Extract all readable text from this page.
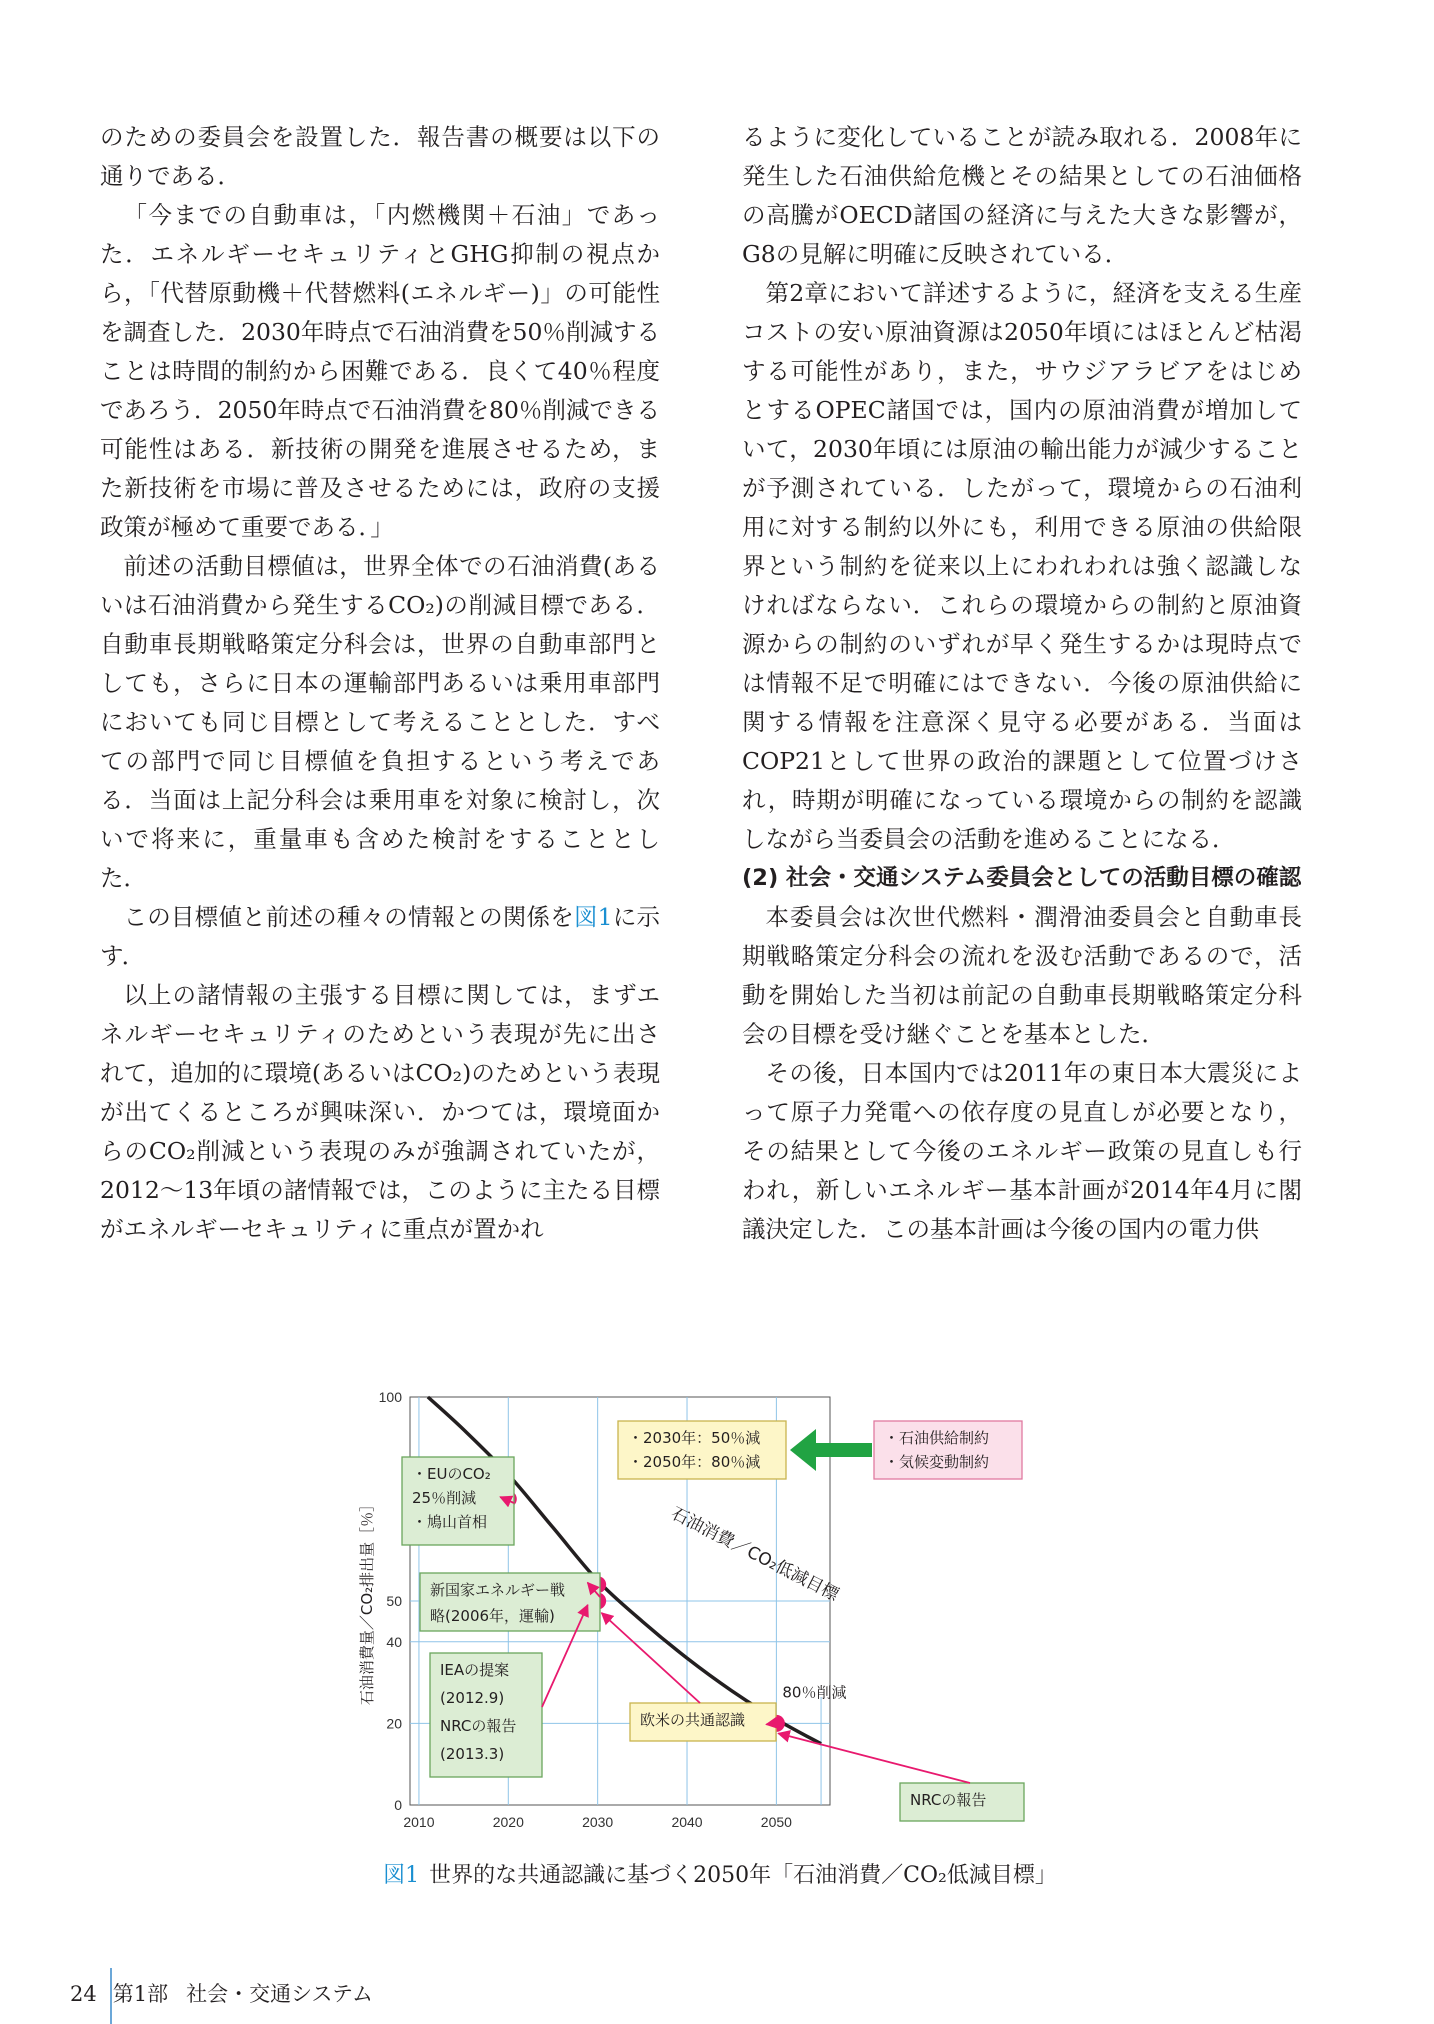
のための委員会を設置した．報告書の概要は以下の通りである．

「今までの自動車は，「内燃機関＋石油」であった．エネルギーセキュリティとGHG抑制の視点から，「代替原動機＋代替燃料(エネルギー)」の可能性を調査した．2030年時点で石油消費を50％削減することは時間的制約から困難である．良くて40％程度であろう．2050年時点で石油消費を80％削減できる可能性はある．新技術の開発を進展させるため，また新技術を市場に普及させるためには，政府の支援政策が極めて重要である．」

前述の活動目標値は，世界全体での石油消費(あるいは石油消費から発生するCO₂)の削減目標である．自動車長期戦略策定分科会は，世界の自動車部門としても，さらに日本の運輸部門あるいは乗用車部門においても同じ目標として考えることとした．すべての部門で同じ目標値を負担するという考えである．当面は上記分科会は乗用車を対象に検討し，次いで将来に，重量車も含めた検討をすることとした．

この目標値と前述の種々の情報との関係を図1に示す．

以上の諸情報の主張する目標に関しては，まずエネルギーセキュリティのためという表現が先に出されて，追加的に環境(あるいはCO₂)のためという表現が出てくるところが興味深い．かつては，環境面からのCO₂削減という表現のみが強調されていたが，2012〜13年頃の諸情報では，このように主たる目標がエネルギーセキュリティに重点が置かれ

るように変化していることが読み取れる．2008年に発生した石油供給危機とその結果としての石油価格の高騰がOECD諸国の経済に与えた大きな影響が，G8の見解に明確に反映されている．

第2章において詳述するように，経済を支える生産コストの安い原油資源は2050年頃にはほとんど枯渇する可能性があり，また，サウジアラビアをはじめとするOPEC諸国では，国内の原油消費が増加していて，2030年頃には原油の輸出能力が減少することが予測されている．したがって，環境からの石油利用に対する制約以外にも，利用できる原油の供給限界という制約を従来以上にわれわれは強く認識しなければならない．これらの環境からの制約と原油資源からの制約のいずれが早く発生するかは現時点では情報不足で明確にはできない．今後の原油供給に関する情報を注意深く見守る必要がある．当面はCOP21として世界の政治的課題として位置づけされ，時期が明確になっている環境からの制約を認識しながら当委員会の活動を進めることになる．

(2) 社会・交通システム委員会としての活動目標の確認

本委員会は次世代燃料・潤滑油委員会と自動車長期戦略策定分科会の流れを汲む活動であるので，活動を開始した当初は前記の自動車長期戦略策定分科会の目標を受け継ぐことを基本とした．

その後，日本国内では2011年の東日本大震災によって原子力発電への依存度の見直しが必要となり，その結果として今後のエネルギー政策の見直しも行われ，新しいエネルギー基本計画が2014年4月に閣議決定した．この基本計画は今後の国内の電力供

2010	2020	2030	2040	2050
0
20
40
50
100
石油消費量／CO₂排出量［％］
・EUのCO₂
25％削減
・鳩山首相
・2030年：50％減
・2050年：80％減
・石油供給制約
・気候変動制約
新国家エネルギー戦
略(2006年，運輸)
IEAの提案
(2012.9)
NRCの報告
(2013.3)
欧米の共通認識
NRCの報告
石油消費／CO₂低減目標
80％削減
図1 世界的な共通認識に基づく2050年「石油消費／CO₂低減目標」
24 第1部 社会・交通システム
